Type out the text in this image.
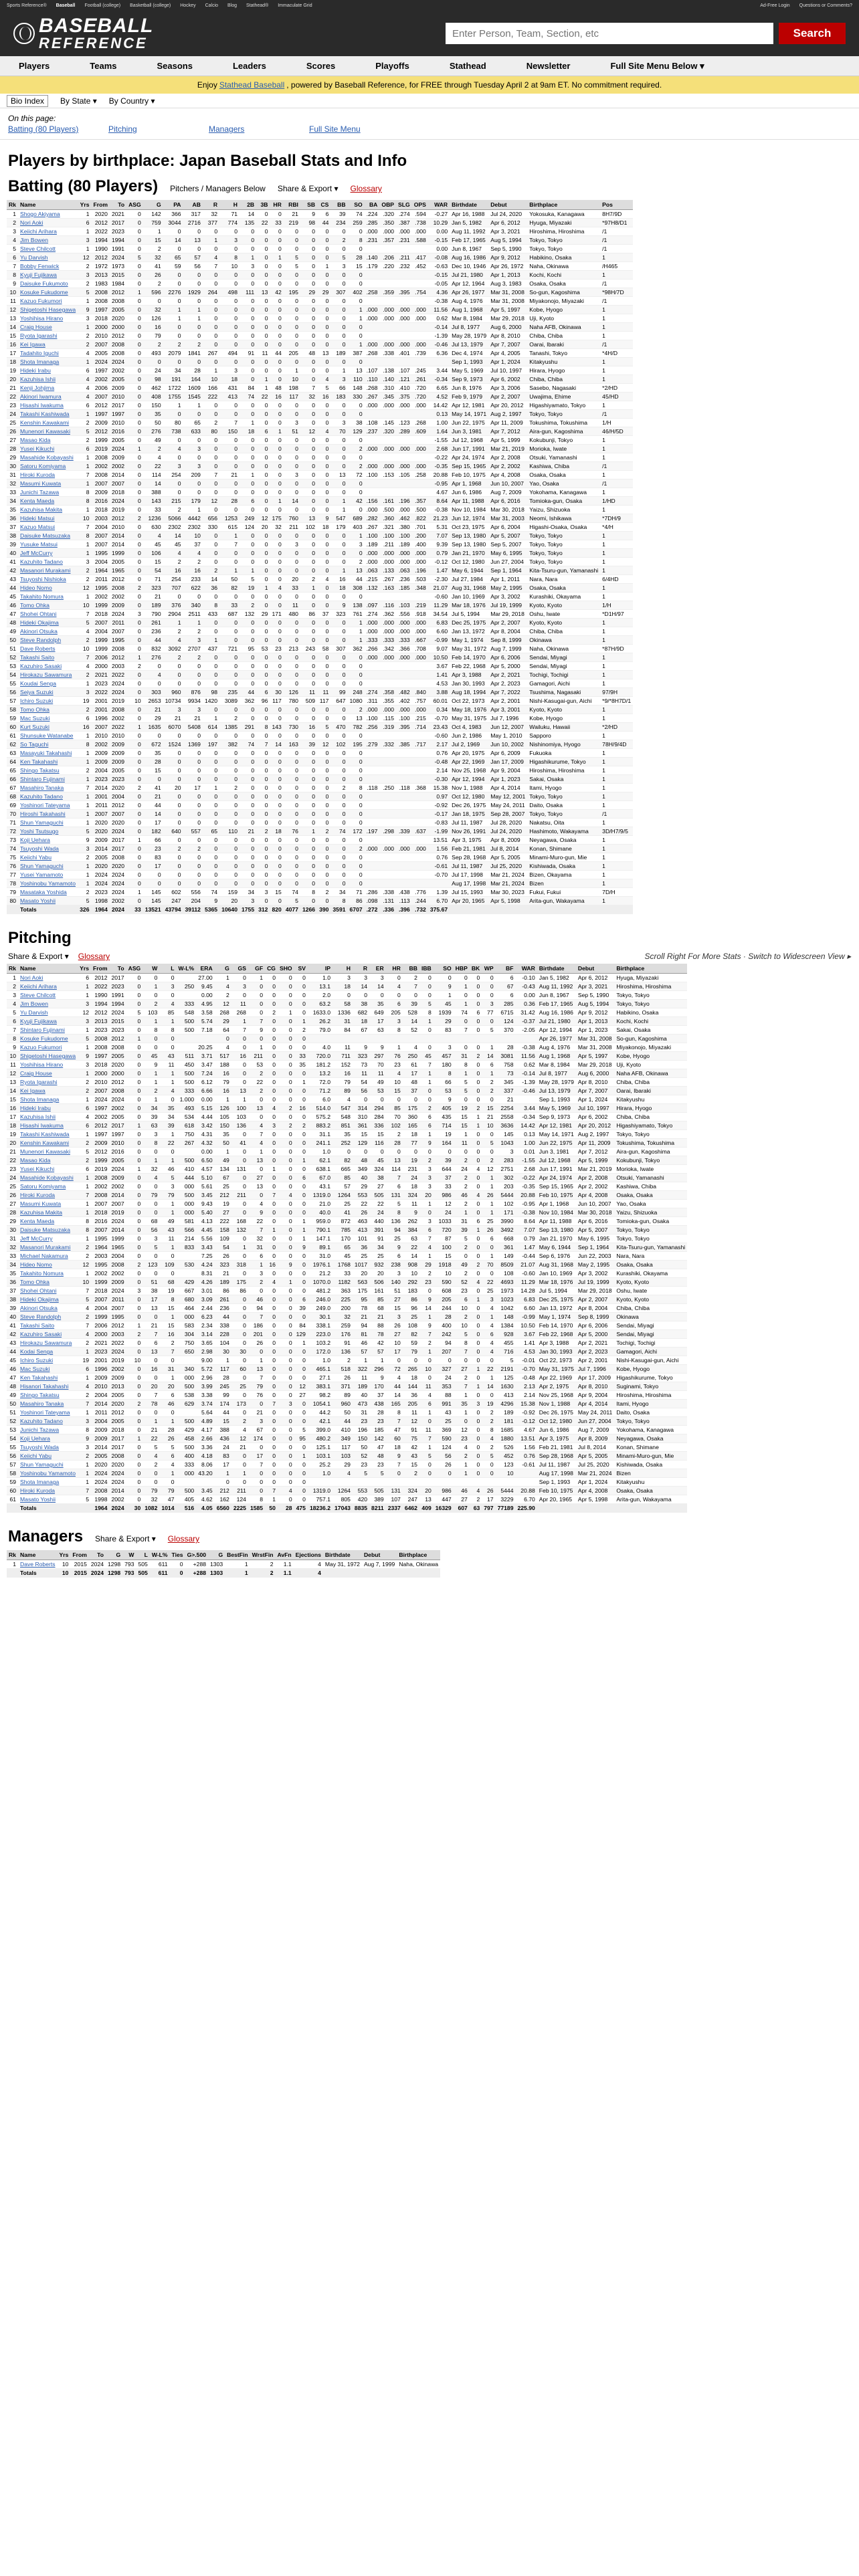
Sports Reference® Baseball Football (college) Basketball (college) Hockey Calcio Blog Stathead® Immaculate Grid	Ad-Free Login Questions or Comments?
BASEBALL
REFERENCE
Enter Person, Team, Section, etc
Search
Players	Teams	Seasons	Leaders	Scores	Playoffs	Stathead	Newsletter	Full Site Menu Below ▾
Enjoy Stathead Baseball , powered by Baseball Reference, for FREE through Tuesday April 2 at 9am ET. No commitment required.
Bio Index	By State ▾ By Country ▾
On this page:
Batting (80 Players)	Pitching	Managers	Full Site Menu
Players by birthplace: Japan Baseball Stats and Info
Batting (80 Players) Pitchers / Managers Below Share & Export ▾ Glossary
Rk	Name	Yrs	From	To	ASG	G	PA	AB	R	H	2B	3B	HR	RBI	SB	CS	BB	SO	BA	OBP	SLG	OPS	WAR	Birthdate	Debut	Birthplace	Pos
1	Shogo Akiyama	1	2020	2021	0	142	366	317	32	71	14	0	0	21	9	6	39	74	.224	.320	.274	.594	-0.27	Apr 16, 1988	Jul 24, 2020	Yokosuka, Kanagawa	8H7/9D
2	Nori Aoki	6	2012	2017	0	759	3044	2716	377	774	135	22	33	219	98	44	234	259	.285	.350	.387	.738	10.29	Jan 5, 1982	Apr 6, 2012	Hyuga, Miyazaki	*97H8/D1
3	Keiichi Arihara	1	2022	2023	0	1	0	0	0	0	0	0	0	0	0	0	0	0	.000	.000	.000	.000	0.00	Aug 11, 1992	Apr 3, 2021	Hiroshima, Hiroshima	/1
4	Jim Bowen	3	1994	1994	0	15	14	13	1	3	0	0	0	0	0	0	2	8	.231	.357	.231	.588	-0.15	Feb 17, 1965	Aug 5, 1994	Tokyo, Tokyo	/1
5	Steve Chilcott	1	1990	1991	0	2	0	0	0	0	0	0	0	0	0	0	0	0					0.00	Jun 8, 1967	Sep 5, 1990	Tokyo, Tokyo	/1
6	Yu Darvish	12	2012	2024	5	32	65	57	4	8	1	0	1	5	0	0	5	28	.140	.206	.211	.417	-0.08	Aug 16, 1986	Apr 9, 2012	Habikino, Osaka	1
7	Bobby Fenwick	2	1972	1973	0	41	59	56	7	10	3	0	0	5	0	1	3	15	.179	.220	.232	.452	-0.63	Dec 10, 1946	Apr 26, 1972	Naha, Okinawa	/H465
8	Kyuji Fujikawa	3	2013	2015	0	26	0	0	0	0	0	0	0	0	0	0	0	0					-0.15	Jul 21, 1980	Apr 1, 2013	Kochi, Kochi	1
9	Daisuke Fukumoto	2	1983	1984	0	2	0	0	0	0	0	0	0	0	0	0	0	0					-0.05	Apr 12, 1964	Aug 3, 1983	Osaka, Osaka	/1
10	Kosuke Fukudome	5	2008	2012	1	596	2276	1929	264	498	111	13	42	195	29	29	307	402	.258	.359	.395	.754	4.36	Apr 26, 1977	Mar 31, 2008	So-gun, Kagoshima	*98H/7D
11	Kazuo Fukumori	1	2008	2008	0	0	0	0	0	0	0	0	0	0	0	0	0	0					-0.38	Aug 4, 1976	Mar 31, 2008	Miyakonojo, Miyazaki	/1
12	Shigetoshi Hasegawa	9	1997	2005	0	32	1	1	0	0	0	0	0	0	0	0	0	1	.000	.000	.000	.000	11.56	Aug 1, 1968	Apr 5, 1997	Kobe, Hyogo	1
13	Yoshihisa Hirano	3	2018	2020	0	126	1	1	0	0	0	0	0	0	0	0	0	1	.000	.000	.000	.000	0.62	Mar 8, 1984	Mar 29, 2018	Uji, Kyoto	1
14	Craig House	1	2000	2000	0	16	0	0	0	0	0	0	0	0	0	0	0	0					-0.14	Jul 8, 1977	Aug 6, 2000	Naha AFB, Okinawa	1
15	Ryota Igarashi	2	2010	2012	0	79	0	0	0	0	0	0	0	0	0	0	0	0					-1.39	May 28, 1979	Apr 8, 2010	Chiba, Chiba	1
16	Kei Igawa	2	2007	2008	0	2	2	2	0	0	0	0	0	0	0	0	0	1	.000	.000	.000	.000	-0.46	Jul 13, 1979	Apr 7, 2007	Oarai, Ibaraki	/1
17	Tadahito Iguchi	4	2005	2008	0	493	2079	1841	267	494	91	11	44	205	48	13	189	387	.268	.338	.401	.739	6.36	Dec 4, 1974	Apr 4, 2005	Tanashi, Tokyo	*4H/D
18	Shota Imanaga	1	2024	2024	0	0	0	0	0	0	0	0	0	0	0	0	0	0						Sep 1, 1993	Apr 1, 2024	Kitakyushu	1
19	Hideki Irabu	6	1997	2002	0	24	34	28	1	3	0	0	0	1	0	0	1	13	.107	.138	.107	.245	3.44	May 5, 1969	Jul 10, 1997	Hirara, Hyogo	1
20	Kazuhisa Ishii	4	2002	2005	0	98	191	164	10	18	0	1	0	10	0	4	3	110	.110	.140	.121	.261	-0.34	Sep 9, 1973	Apr 6, 2002	Chiba, Chiba	1
21	Kenji Johjima	4	2006	2009	0	462	1722	1609	166	431	84	1	48	198	7	5	66	148	.268	.310	.410	.720	6.65	Jun 8, 1976	Apr 3, 2006	Sasebo, Nagasaki	*2/HD
22	Akinori Iwamura	4	2007	2010	0	408	1755	1545	222	413	74	22	16	117	32	16	183	330	.267	.345	.375	.720	4.52	Feb 9, 1979	Apr 2, 2007	Uwajima, Ehime	45/HD
23	Hisashi Iwakuma	6	2012	2017	0	150	1	1	0	0	0	0	0	0	0	0	0	0	.000	.000	.000	.000	14.42	Apr 12, 1981	Apr 20, 2012	Higashiyamato, Tokyo	1
24	Takashi Kashiwada	1	1997	1997	0	35	0	0	0	0	0	0	0	0	0	0	0	0					0.13	May 14, 1971	Aug 2, 1997	Tokyo, Tokyo	/1
25	Kenshin Kawakami	2	2009	2010	0	50	80	65	2	7	1	0	0	3	0	0	3	38	.108	.145	.123	.268	1.00	Jun 22, 1975	Apr 11, 2009	Tokushima, Tokushima	1/H
26	Munenori Kawasaki	5	2012	2016	0	276	738	633	80	150	18	6	1	51	12	4	70	129	.237	.320	.289	.609	1.64	Jun 3, 1981	Apr 7, 2012	Aira-gun, Kagoshima	46/H/5D
27	Masao Kida	2	1999	2005	0	49	0	0	0	0	0	0	0	0	0	0	0	0					-1.55	Jul 12, 1968	Apr 5, 1999	Kokubunji, Tokyo	1
28	Yusei Kikuchi	6	2019	2024	1	2	4	3	0	0	0	0	0	0	0	0	0	2	.000	.000	.000	.000	2.68	Jun 17, 1991	Mar 21, 2019	Morioka, Iwate	1
29	Masahide Kobayashi	1	2008	2009	0	4	0	0	0	0	0	0	0	0	0	0	0	0					-0.22	Apr 24, 1974	Apr 2, 2008	Otsuki, Yamanashi	1
30	Satoru Komiyama	1	2002	2002	0	22	3	3	0	0	0	0	0	0	0	0	0	2	.000	.000	.000	.000	-0.35	Sep 15, 1965	Apr 2, 2002	Kashiwa, Chiba	/1
31	Hiroki Kuroda	7	2008	2014	0	114	254	209	7	21	1	0	0	3	0	0	13	72	.100	.153	.105	.258	20.88	Feb 10, 1975	Apr 4, 2008	Osaka, Osaka	1
32	Masumi Kuwata	1	2007	2007	0	14	0	0	0	0	0	0	0	0	0	0	0	0					-0.95	Apr 1, 1968	Jun 10, 2007	Yao, Osaka	/1
33	Junichi Tazawa	8	2009	2018	0	388	0	0	0	0	0	0	0	0	0	0	0	0					4.67	Jun 6, 1986	Aug 7, 2009	Yokohama, Kanagawa	1
34	Kenta Maeda	8	2016	2024	0	143	215	179	12	28	6	0	1	14	0	0	1	42	.156	.161	.196	.357	8.64	Apr 11, 1988	Apr 6, 2016	Tomioka-gun, Osaka	1/HD
35	Kazuhisa Makita	1	2018	2019	0	33	2	1	0	0	0	0	0	0	0	0	1	0	.000	.500	.000	.500	-0.38	Nov 10, 1984	Mar 30, 2018	Yaizu, Shizuoka	1
36	Hideki Matsui	10	2003	2012	2	1236	5066	4442	656	1253	249	12	175	760	13	9	547	689	.282	.360	.462	.822	21.23	Jun 12, 1974	Mar 31, 2003	Neomi, Ishikawa	*7DH/9
37	Kazuo Matsui	7	2004	2010	0	630	2302	2302	330	615	124	20	32	211	102	18	179	403	.267	.321	.380	.701	5.31	Oct 23, 1975	Apr 6, 2004	Higashi-Osaka, Osaka	*4/H
38	Daisuke Matsuzaka	8	2007	2014	0	4	14	10	0	1	0	0	0	0	0	0	0	1	.100	.100	.100	.200	7.07	Sep 13, 1980	Apr 5, 2007	Tokyo, Tokyo	1
39	Yusuke Matsui	1	2007	2014	0	45	45	37	0	7	0	0	0	3	0	0	0	3	.189	.211	.189	.400	9.39	Sep 13, 1980	Sep 5, 2007	Tokyo, Tokyo	1
40	Jeff McCurry	1	1995	1999	0	106	4	4	0	0	0	0	0	0	0	0	0	0	.000	.000	.000	.000	0.79	Jan 21, 1970	May 6, 1995	Tokyo, Tokyo	1
41	Kazuhito Tadano	3	2004	2005	0	15	2	2	0	0	0	0	0	0	0	0	0	2	.000	.000	.000	.000	-0.12	Oct 12, 1980	Jun 27, 2004	Tokyo, Tokyo	1
42	Masanori Murakami	2	1964	1965	0	54	16	16	2	1	1	0	0	0	0	0	1	13	.063	.133	.063	.196	1.47	May 6, 1944	Sep 1, 1964	Kita-Tsuru-gun, Yamanashi	1
43	Tsuyoshi Nishioka	2	2011	2012	0	71	254	233	14	50	5	0	0	20	2	4	16	44	.215	.267	.236	.503	-2.30	Jul 27, 1984	Apr 1, 2011	Nara, Nara	6/4HD
44	Hideo Nomo	12	1995	2008	2	323	707	622	36	82	19	1	4	33	1	0	18	308	.132	.163	.185	.348	21.07	Aug 31, 1968	May 2, 1995	Osaka, Osaka	1
45	Takahito Nomura	1	2002	2002	0	21	0	0	0	0	0	0	0	0	0	0	0	0					-0.60	Jan 10, 1969	Apr 3, 2002	Kurashiki, Okayama	1
46	Tomo Ohka	10	1999	2009	0	189	376	340	8	33	2	0	0	11	0	0	9	138	.097	.116	.103	.219	11.29	Mar 18, 1976	Jul 19, 1999	Kyoto, Kyoto	1/H
47	Shohei Ohtani	7	2018	2024	3	790	2904	2511	433	687	132	29	171	480	86	37	323	761	.274	.362	.556	.918	34.54	Jul 5, 1994	Mar 29, 2018	Oshu, Iwate	*D1H/97
48	Hideki Okajima	5	2007	2011	0	261	1	1	0	0	0	0	0	0	0	0	0	1	.000	.000	.000	.000	6.83	Dec 25, 1975	Apr 2, 2007	Kyoto, Kyoto	1
49	Akinori Otsuka	4	2004	2007	0	236	2	2	0	0	0	0	0	0	0	0	0	1	.000	.000	.000	.000	6.60	Jan 13, 1972	Apr 8, 2004	Chiba, Chiba	1
50	Steve Randolph	2	1999	1995	0	44	4	3	1	0	0	0	0	0	0	0	0	1	.333	.333	.333	.667	-0.99	May 1, 1974	Sep 8, 1999	Okinawa	1
51	Dave Roberts	10	1999	2008	0	832	3092	2707	437	721	95	53	23	213	243	58	307	362	.266	.342	.366	.708	9.07	May 31, 1972	Aug 7, 1999	Naha, Okinawa	*87H/9D
52	Takashi Saito	7	2006	2012	1	276	2	2	0	0	0	0	0	0	0	0	0	0	.000	.000	.000	.000	10.50	Feb 14, 1970	Apr 6, 2006	Sendai, Miyagi	1
53	Kazuhiro Sasaki	4	2000	2003	2	0	0	0	0	0	0	0	0	0	0	0	0	0					3.67	Feb 22, 1968	Apr 5, 2000	Sendai, Miyagi	1
54	Hirokazu Sawamura	2	2021	2022	0	4	0	0	0	0	0	0	0	0	0	0	0	0					1.41	Apr 3, 1988	Apr 2, 2021	Tochigi, Tochigi	1
55	Koudai Senga	1	2023	2024	0	0	0	0	0	0	0	0	0	0	0	0	0	0					4.53	Jan 30, 1993	Apr 2, 2023	Gamagori, Aichi	1
56	Seiya Suzuki	3	2022	2024	0	303	960	876	98	235	44	6	30	126	11	11	99	248	.274	.358	.482	.840	3.88	Aug 18, 1994	Apr 7, 2022	Tsushima, Nagasaki	97/9H
57	Ichiro Suzuki	19	2001	2019	10	2653	10734	9934	1420	3089	362	96	117	780	509	117	647	1080	.311	.355	.402	.757	60.01	Oct 22, 1973	Apr 2, 2001	Nishi-Kasugai-gun, Aichi	*9/*8H7D/1
58	Tomo Ohka	2	2001	2008	0	21	3	3	0	0	0	0	0	0	0	0	0	2	.000	.000	.000	.000	0.34	May 18, 1976	Apr 3, 2001	Kyoto, Kyoto	1
59	Mac Suzuki	6	1996	2002	0	29	21	21	1	2	0	0	0	0	0	0	0	13	.100	.115	.100	.215	-0.70	May 31, 1975	Jul 7, 1996	Kobe, Hyogo	1
60	Kurt Suzuki	16	2007	2022	1	1635	6070	5408	614	1385	291	8	143	730	16	5	470	782	.256	.319	.395	.714	23.43	Oct 4, 1983	Jun 12, 2007	Wailuku, Hawaii	*2/HD
61	Shunsuke Watanabe	1	2010	2010	0	0	0	0	0	0	0	0	0	0	0	0	0	0					-0.60	Jun 2, 1986	May 1, 2010	Sapporo	1
62	So Taguchi	8	2002	2009	0	672	1524	1369	197	382	74	7	14	163	39	12	102	195	.279	.332	.385	.717	2.17	Jul 2, 1969	Jun 10, 2002	Nishinomiya, Hyogo	78H/9/4D
63	Masayuki Takahashi	1	2009	2009	0	35	0	0	0	0	0	0	0	0	0	0	0	0					0.76	Apr 20, 1975	Apr 6, 2009	Fukuoka	1
64	Ken Takahashi	1	2009	2009	0	28	0	0	0	0	0	0	0	0	0	0	0	0					-0.48	Apr 22, 1969	Jan 17, 2009	Higashikurume, Tokyo	1
65	Shingo Takatsu	2	2004	2005	0	15	0	0	0	0	0	0	0	0	0	0	0	0					2.14	Nov 25, 1968	Apr 9, 2004	Hiroshima, Hiroshima	1
66	Shintaro Fujinami	1	2023	2023	0	0	0	0	0	0	0	0	0	0	0	0	0	0					-0.30	Apr 12, 1994	Apr 1, 2023	Sakai, Osaka	1
67	Masahiro Tanaka	7	2014	2020	2	41	20	17	1	2	0	0	0	0	0	0	2	8	.118	.250	.118	.368	15.38	Nov 1, 1988	Apr 4, 2014	Itami, Hyogo	1
68	Kazuhito Tadano	1	2001	2004	0	21	0	0	0	0	0	0	0	0	0	0	0	0					0.97	Oct 12, 1980	May 12, 2001	Tokyo, Tokyo	1
69	Yoshinori Tateyama	1	2011	2012	0	44	0	0	0	0	0	0	0	0	0	0	0	0					-0.92	Dec 26, 1975	May 24, 2011	Daito, Osaka	1
70	Hiroshi Takahashi	1	2007	2007	0	14	0	0	0	0	0	0	0	0	0	0	0	0					-0.17	Jan 18, 1975	Sep 28, 2007	Tokyo, Tokyo	/1
71	Shun Yamaguchi	1	2020	2020	0	17	0	0	0	0	0	0	0	0	0	0	0	0					-0.83	Jul 11, 1987	Jul 28, 2020	Nakatsu, Oita	1
72	Yoshi Tsutsugo	5	2020	2024	0	182	640	557	65	110	21	2	18	76	1	2	74	172	.197	.298	.339	.637	-1.99	Nov 26, 1991	Jul 24, 2020	Hashimoto, Wakayama	3D/H7/9/5
73	Koji Uehara	9	2009	2017	1	66	0	0	0	0	0	0	0	0	0	0	0	0					13.51	Apr 3, 1975	Apr 8, 2009	Neyagawa, Osaka	1
74	Tsuyoshi Wada	3	2014	2017	0	23	2	2	0	0	0	0	0	0	0	0	0	2	.000	.000	.000	.000	1.56	Feb 21, 1981	Jul 8, 2014	Konan, Shimane	1
75	Keiichi Yabu	2	2005	2008	0	83	0	0	0	0	0	0	0	0	0	0	0	0					0.76	Sep 28, 1968	Apr 5, 2005	Minami-Muro-gun, Mie	1
76	Shun Yamaguchi	1	2020	2020	0	17	0	0	0	0	0	0	0	0	0	0	0	0					-0.61	Jul 11, 1987	Jul 25, 2020	Kishiwada, Osaka	1
77	Yusei Yamamoto	1	2024	2024	0	0	0	0	0	0	0	0	0	0	0	0	0	0					-0.70	Jul 17, 1998	Mar 21, 2024	Bizen, Okayama	1
78	Yoshinobu Yamamoto	1	2024	2024	0	0	0	0	0	0	0	0	0	0	0	0	0	0						Aug 17, 1998	Mar 21, 2024	Bizen	1
79	Masataka Yoshida	2	2023	2024	1	145	602	556	74	159	34	3	15	74	8	2	34	71	.286	.338	.438	.776	1.39	Jul 15, 1993	Mar 30, 2023	Fukui, Fukui	7D/H
80	Masato Yoshii	5	1998	2002	0	145	247	204	9	20	3	0	0	5	0	0	8	86	.098	.131	.113	.244	6.70	Apr 20, 1965	Apr 5, 1998	Arita-gun, Wakayama	1
	Totals	326	1964	2024	33	13521	43794	39112	5365	10640	1755	312	820	4077	1266	390	3591	6707	.272	.336	.396	.732	375.67				
Pitching
Share & Export ▾ Glossary	Scroll Right For More Stats · Switch to Widescreen View ▸
Rk	Name	Yrs	From	To	ASG	W	L	W-L%	ERA	G	GS	GF	CG	SHO	SV	IP	H	R	ER	HR	BB	IBB	SO	HBP	BK	WP	BF	WAR	Birthdate	Debut	Birthplace
1	Nori Aoki	6	2012	2017	0	0	0		27.00	1	0	1	0	0	0	1.0	3	3	3	0	2	0	0	0	0	0	6	-0.10	Jan 5, 1982	Apr 6, 2012	Hyuga, Miyazaki
2	Keiichi Arihara	1	2022	2023	0	1	3	250	9.45	4	3	0	0	0	0	13.1	18	14	14	4	7	0	9	1	0	0	67	-0.43	Aug 11, 1992	Apr 3, 2021	Hiroshima, Hiroshima
3	Steve Chilcott	1	1990	1991	0	0	0		0.00	2	0	0	0	0	0	2.0	0	0	0	0	0	0	1	0	0	0	6	0.00	Jun 8, 1967	Sep 5, 1990	Tokyo, Tokyo
4	Jim Bowen	3	1994	1994	0	2	4	333	4.95	12	11	0	0	0	0	63.2	58	38	35	6	39	5	45	1	0	3	285	0.36	Feb 17, 1965	Aug 5, 1994	Tokyo, Tokyo
5	Yu Darvish	12	2012	2024	5	103	85	548	3.58	268	268	0	2	1	0	1633.0	1336	682	649	205	528	8	1939	74	6	77	6715	31.42	Aug 16, 1986	Apr 9, 2012	Habikino, Osaka
6	Kyuji Fujikawa	3	2013	2015	0	1	1	500	5.74	29	1	7	0	0	1	26.2	31	18	17	3	14	1	29	0	0	0	124	-0.37	Jul 21, 1980	Apr 1, 2013	Kochi, Kochi
7	Shintaro Fujinami	1	2023	2023	0	8	8	500	7.18	64	7	9	0	0	2	79.0	84	67	63	8	52	0	83	7	0	5	370	-2.05	Apr 12, 1994	Apr 1, 2023	Sakai, Osaka
8	Kosuke Fukudome	5	2008	2012	1	0	0			0	0	0	0	0	0														Apr 26, 1977	Mar 31, 2008	So-gun, Kagoshima
9	Kazuo Fukumori	1	2008	2008	0	0	0		20.25	4	0	1	0	0	0	4.0	11	9	9	1	4	0	3	0	0	1	28	-0.38	Aug 4, 1976	Mar 31, 2008	Miyakonojo, Miyazaki
10	Shigetoshi Hasegawa	9	1997	2005	0	45	43	511	3.71	517	16	211	0	0	33	720.0	711	323	297	76	250	45	457	31	2	14	3081	11.56	Aug 1, 1968	Apr 5, 1997	Kobe, Hyogo
11	Yoshihisa Hirano	3	2018	2020	0	9	11	450	3.47	188	0	53	0	0	35	181.2	152	73	70	23	61	7	180	8	0	6	758	0.62	Mar 8, 1984	Mar 29, 2018	Uji, Kyoto
12	Craig House	1	2000	2000	0	1	1	500	7.24	16	0	2	0	0	0	13.2	16	11	11	4	17	1	8	1	0	1	73	-0.14	Jul 8, 1977	Aug 6, 2000	Naha AFB, Okinawa
13	Ryota Igarashi	2	2010	2012	0	1	1	500	6.12	79	0	22	0	0	1	72.0	79	54	49	10	48	1	66	5	0	2	345	-1.39	May 28, 1979	Apr 8, 2010	Chiba, Chiba
14	Kei Igawa	2	2007	2008	0	2	4	333	6.66	16	13	2	0	0	0	71.2	89	56	53	15	37	0	53	5	0	2	337	-0.46	Jul 13, 1979	Apr 7, 2007	Oarai, Ibaraki
15	Shota Imanaga	1	2024	2024	0	1	0	1.000	0.00	1	1	0	0	0	0	6.0	4	0	0	0	0	0	9	0	0	0	21		Sep 1, 1993	Apr 1, 2024	Kitakyushu
16	Hideki Irabu	6	1997	2002	0	34	35	493	5.15	126	100	13	4	2	16	514.0	547	314	294	85	175	2	405	19	2	15	2254	3.44	May 5, 1969	Jul 10, 1997	Hirara, Hyogo
17	Kazuhisa Ishii	4	2002	2005	0	39	34	534	4.44	105	103	0	0	0	0	575.2	548	310	284	70	360	6	435	15	1	21	2558	-0.34	Sep 9, 1973	Apr 6, 2002	Chiba, Chiba
18	Hisashi Iwakuma	6	2012	2017	1	63	39	618	3.42	150	136	4	3	2	2	883.2	851	361	336	102	165	6	714	15	1	10	3636	14.42	Apr 12, 1981	Apr 20, 2012	Higashiyamato, Tokyo
19	Takashi Kashiwada	1	1997	1997	0	3	1	750	4.31	35	0	7	0	0	0	31.1	35	15	15	2	18	1	19	1	0	0	145	0.13	May 14, 1971	Aug 2, 1997	Tokyo, Tokyo
20	Kenshin Kawakami	2	2009	2010	0	8	22	267	4.32	50	41	4	0	0	0	241.1	252	129	116	28	77	9	164	11	0	5	1043	1.00	Jun 22, 1975	Apr 11, 2009	Tokushima, Tokushima
21	Munenori Kawasaki	5	2012	2016	0	0	0		0.00	1	0	1	0	0	0	1.0	0	0	0	0	0	0	0	0	0	0	3	0.01	Jun 3, 1981	Apr 7, 2012	Aira-gun, Kagoshima
22	Masao Kida	2	1999	2005	0	1	1	500	6.50	49	0	13	0	0	1	62.1	82	48	45	13	19	2	39	2	0	2	283	-1.55	Jul 12, 1968	Apr 5, 1999	Kokubunji, Tokyo
23	Yusei Kikuchi	6	2019	2024	1	32	46	410	4.57	134	131	0	1	0	0	638.1	665	349	324	114	231	3	644	24	4	12	2751	2.68	Jun 17, 1991	Mar 21, 2019	Morioka, Iwate
24	Masahide Kobayashi	1	2008	2009	0	4	5	444	5.10	67	0	27	0	0	6	67.0	85	40	38	7	24	3	37	2	0	1	302	-0.22	Apr 24, 1974	Apr 2, 2008	Otsuki, Yamanashi
25	Satoru Komiyama	1	2002	2002	0	0	3	000	5.61	25	0	13	0	0	0	43.1	57	29	27	6	18	3	33	2	0	1	203	-0.35	Sep 15, 1965	Apr 2, 2002	Kashiwa, Chiba
26	Hiroki Kuroda	7	2008	2014	0	79	79	500	3.45	212	211	0	7	4	0	1319.0	1264	553	505	131	324	20	986	46	4	26	5444	20.88	Feb 10, 1975	Apr 4, 2008	Osaka, Osaka
27	Masumi Kuwata	1	2007	2007	0	0	1	000	9.43	19	0	4	0	0	0	21.0	25	22	22	5	11	1	12	2	0	1	102	-0.95	Apr 1, 1968	Jun 10, 2007	Yao, Osaka
28	Kazuhisa Makita	1	2018	2019	0	0	1	000	5.40	27	0	9	0	0	0	40.0	41	26	24	8	9	0	24	1	0	1	171	-0.38	Nov 10, 1984	Mar 30, 2018	Yaizu, Shizuoka
29	Kenta Maeda	8	2016	2024	0	68	49	581	4.13	222	168	22	0	0	1	959.0	872	463	440	136	262	3	1033	31	6	25	3990	8.64	Apr 11, 1988	Apr 6, 2016	Tomioka-gun, Osaka
30	Daisuke Matsuzaka	8	2007	2014	0	56	43	566	4.45	158	132	7	1	0	1	790.1	785	413	391	94	384	6	720	39	1	26	3492	7.07	Sep 13, 1980	Apr 5, 2007	Tokyo, Tokyo
31	Jeff McCurry	1	1995	1999	0	3	11	214	5.56	109	0	32	0	0	1	147.1	170	101	91	25	63	7	87	5	0	6	668	0.79	Jan 21, 1970	May 6, 1995	Tokyo, Tokyo
32	Masanori Murakami	2	1964	1965	0	5	1	833	3.43	54	1	31	0	0	9	89.1	65	36	34	9	22	4	100	2	0	0	361	1.47	May 6, 1944	Sep 1, 1964	Kita-Tsuru-gun, Yamanashi
33	Michael Nakamura	2	2003	2004	0	0	0		7.25	26	0	6	0	0	0	31.0	45	25	25	6	14	1	15	0	0	1	149	-0.44	Sep 6, 1976	Jun 22, 2003	Nara, Nara
34	Hideo Nomo	12	1995	2008	2	123	109	530	4.24	323	318	1	16	9	0	1976.1	1768	1017	932	238	908	29	1918	49	2	70	8509	21.07	Aug 31, 1968	May 2, 1995	Osaka, Osaka
35	Takahito Nomura	1	2002	2002	0	0	0		8.31	21	0	3	0	0	0	21.2	33	20	20	3	10	2	10	2	0	0	108	-0.60	Jan 10, 1969	Apr 3, 2002	Kurashiki, Okayama
36	Tomo Ohka	10	1999	2009	0	51	68	429	4.26	189	175	2	4	1	0	1070.0	1182	563	506	140	292	23	590	52	4	22	4693	11.29	Mar 18, 1976	Jul 19, 1999	Kyoto, Kyoto
37	Shohei Ohtani	7	2018	2024	3	38	19	667	3.01	86	86	0	0	0	0	481.2	363	175	161	51	183	0	608	23	0	25	1973	14.28	Jul 5, 1994	Mar 29, 2018	Oshu, Iwate
38	Hideki Okajima	5	2007	2011	0	17	8	680	3.09	261	0	46	0	0	6	246.0	225	95	85	27	86	9	205	6	1	3	1023	6.83	Dec 25, 1975	Apr 2, 2007	Kyoto, Kyoto
39	Akinori Otsuka	4	2004	2007	0	13	15	464	2.44	236	0	94	0	0	39	249.0	200	78	68	15	96	14	244	10	0	4	1042	6.60	Jan 13, 1972	Apr 8, 2004	Chiba, Chiba
40	Steve Randolph	2	1999	1995	0	0	1	000	6.23	44	0	7	0	0	0	30.1	32	21	21	3	25	1	28	2	0	1	148	-0.99	May 1, 1974	Sep 8, 1999	Okinawa
41	Takashi Saito	7	2006	2012	1	21	15	583	2.34	338	0	186	0	0	84	338.1	259	94	88	26	108	9	400	10	0	4	1384	10.50	Feb 14, 1970	Apr 6, 2006	Sendai, Miyagi
42	Kazuhiro Sasaki	4	2000	2003	2	7	16	304	3.14	228	0	201	0	0	129	223.0	176	81	78	27	82	7	242	5	0	6	928	3.67	Feb 22, 1968	Apr 5, 2000	Sendai, Miyagi
43	Hirokazu Sawamura	2	2021	2022	0	6	2	750	3.65	104	0	26	0	0	1	103.2	91	46	42	10	59	2	94	8	0	4	455	1.41	Apr 3, 1988	Apr 2, 2021	Tochigi, Tochigi
44	Kodai Senga	1	2023	2024	0	13	7	650	2.98	30	30	0	0	0	0	172.0	136	57	57	17	79	1	207	7	0	4	716	4.53	Jan 30, 1993	Apr 2, 2023	Gamagori, Aichi
45	Ichiro Suzuki	19	2001	2019	10	0	0		9.00	1	0	1	0	0	0	1.0	2	1	1	0	0	0	0	0	0	0	5	-0.01	Oct 22, 1973	Apr 2, 2001	Nishi-Kasugai-gun, Aichi
46	Mac Suzuki	6	1996	2002	0	16	31	340	5.72	117	60	13	0	0	0	465.1	518	322	296	72	265	10	327	27	1	22	2191	-0.70	May 31, 1975	Jul 7, 1996	Kobe, Hyogo
47	Ken Takahashi	1	2009	2009	0	0	1	000	2.96	28	0	7	0	0	0	27.1	26	11	9	4	18	0	24	2	0	1	125	-0.48	Apr 22, 1969	Apr 17, 2009	Higashikurume, Tokyo
48	Hisanori Takahashi	4	2010	2013	0	20	20	500	3.99	245	25	79	0	0	12	383.1	371	189	170	44	144	11	353	7	1	14	1630	2.13	Apr 2, 1975	Apr 8, 2010	Suginami, Tokyo
49	Shingo Takatsu	2	2004	2005	0	7	6	538	3.38	99	0	76	0	0	27	98.2	89	40	37	14	36	4	88	1	0	0	413	2.14	Nov 25, 1968	Apr 9, 2004	Hiroshima, Hiroshima
50	Masahiro Tanaka	7	2014	2020	2	78	46	629	3.74	174	173	0	7	3	0	1054.1	960	473	438	165	205	6	991	35	3	19	4296	15.38	Nov 1, 1988	Apr 4, 2014	Itami, Hyogo
51	Yoshinori Tateyama	1	2011	2012	0	0	0		5.64	44	0	21	0	0	0	44.2	50	31	28	8	11	1	43	1	0	2	189	-0.92	Dec 26, 1975	May 24, 2011	Daito, Osaka
52	Kazuhito Tadano	3	2004	2005	0	1	1	500	4.89	15	2	3	0	0	0	42.1	44	23	23	7	12	0	25	0	0	2	181	-0.12	Oct 12, 1980	Jun 27, 2004	Tokyo, Tokyo
53	Junichi Tazawa	8	2009	2018	0	21	28	429	4.17	388	4	67	0	0	5	399.0	410	196	185	47	91	11	369	12	0	8	1685	4.67	Jun 6, 1986	Aug 7, 2009	Yokohama, Kanagawa
54	Koji Uehara	9	2009	2017	1	22	26	458	2.66	436	12	174	0	0	95	480.2	349	150	142	60	75	7	590	23	0	4	1880	13.51	Apr 3, 1975	Apr 8, 2009	Neyagawa, Osaka
55	Tsuyoshi Wada	3	2014	2017	0	5	5	500	3.36	24	21	0	0	0	0	125.1	117	50	47	18	42	1	124	4	0	2	526	1.56	Feb 21, 1981	Jul 8, 2014	Konan, Shimane
56	Keiichi Yabu	2	2005	2008	0	4	6	400	4.18	83	0	17	0	0	1	103.1	103	52	48	9	43	5	56	2	0	5	452	0.76	Sep 28, 1968	Apr 5, 2005	Minami-Muro-gun, Mie
57	Shun Yamaguchi	1	2020	2020	0	2	4	333	8.06	17	0	7	0	0	0	25.2	29	23	23	7	15	0	26	1	0	0	123	-0.61	Jul 11, 1987	Jul 25, 2020	Kishiwada, Osaka
58	Yoshinobu Yamamoto	1	2024	2024	0	0	1	000	43.20	1	1	0	0	0	0	1.0	4	5	5	0	2	0	0	1	0	0	10		Aug 17, 1998	Mar 21, 2024	Bizen
59	Shota Imanaga	1	2024	2024	0	0	0			0	0	0	0	0	0														Sep 1, 1993	Apr 1, 2024	Kitakyushu
60	Hiroki Kuroda	7	2008	2014	0	79	79	500	3.45	212	211	0	7	4	0	1319.0	1264	553	505	131	324	20	986	46	4	26	5444	20.88	Feb 10, 1975	Apr 4, 2008	Osaka, Osaka
61	Masato Yoshii	5	1998	2002	0	32	47	405	4.62	162	124	8	1	0	0	757.1	805	420	389	107	247	13	447	27	2	17	3229	6.70	Apr 20, 1965	Apr 5, 1998	Arita-gun, Wakayama
	Totals		1964	2024	30	1082	1014	516	4.05	6560	2225	1585	50	28	475	18236.2	17043	8835	8211	2337	6462	409	16329	607	63	797	77189	225.90			
Managers Share & Export ▾ Glossary
Rk	Name	Yrs	From	To	G	W	L	W-L%	Ties	G>.500	G	BestFin	WrstFin	AvFn	Ejections	Birthdate	Debut	Birthplace
1	Dave Roberts	10	2015	2024	1298	793	505	611	0	+288	1303	1	2	1.1	4	May 31, 1972	Aug 7, 1999	Naha, Okinawa
	Totals	10	2015	2024	1298	793	505	611	0	+288	1303	1	2	1.1	4			
